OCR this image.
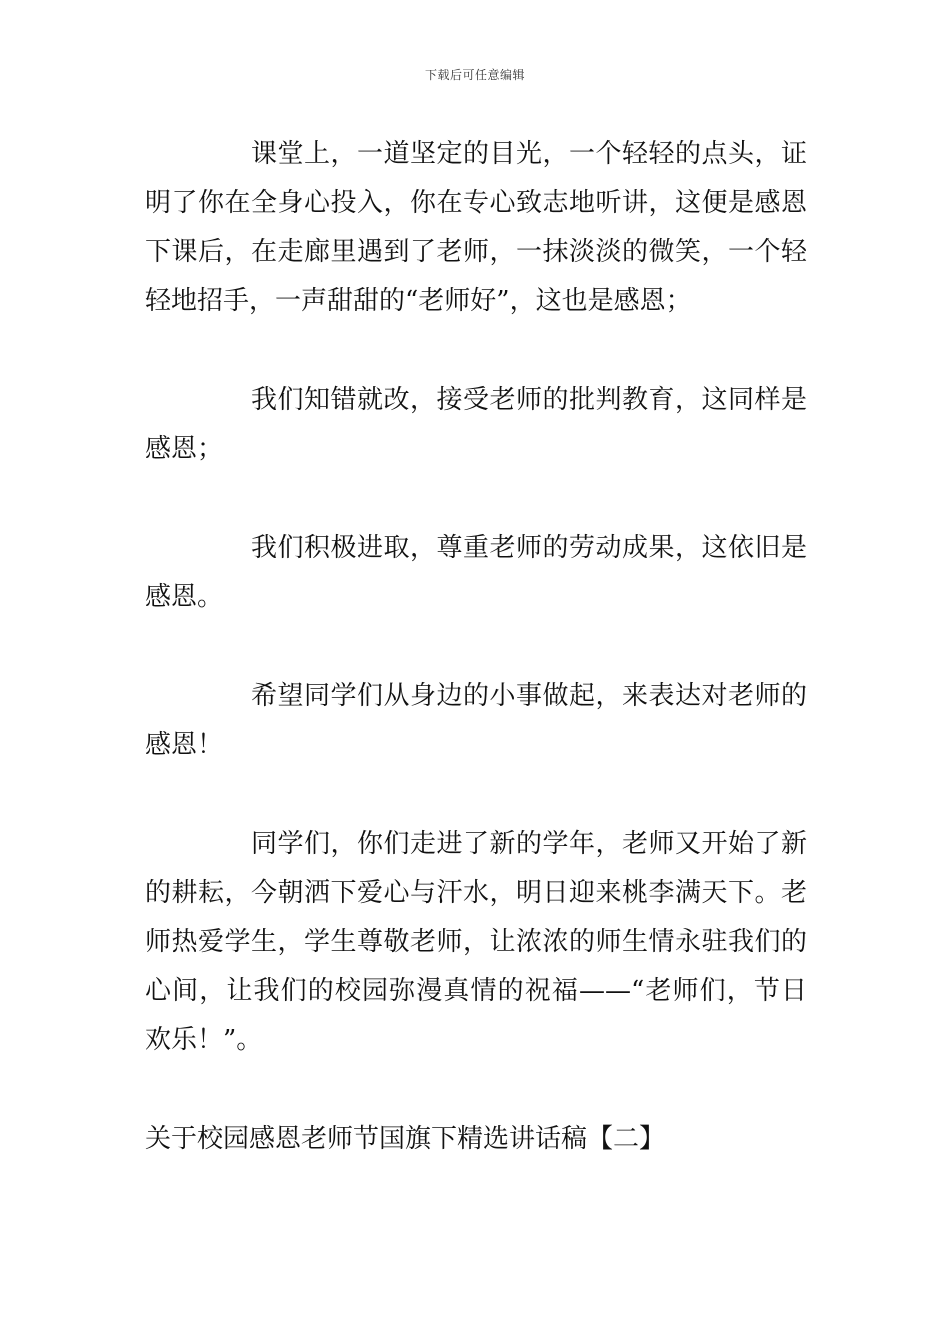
下载后可任意编辑

课堂上，一道坚定的目光，一个轻轻的点头，证明了你在全身心投入，你在专心致志地听讲，这便是感恩下课后，在走廊里遇到了老师，一抹淡淡的微笑，一个轻轻地招手，一声甜甜的“老师好”，这也是感恩；

我们知错就改，接受老师的批判教育，这同样是感恩；

我们积极进取，尊重老师的劳动成果，这依旧是感恩。

希望同学们从身边的小事做起，来表达对老师的感恩！

同学们，你们走进了新的学年，老师又开始了新的耕耘，今朝洒下爱心与汗水，明日迎来桃李满天下。老师热爱学生，学生尊敬老师，让浓浓的师生情永驻我们的心间，让我们的校园弥漫真情的祝福——“老师们，节日欢乐！”。

关于校园感恩老师节国旗下精选讲话稿【二】
